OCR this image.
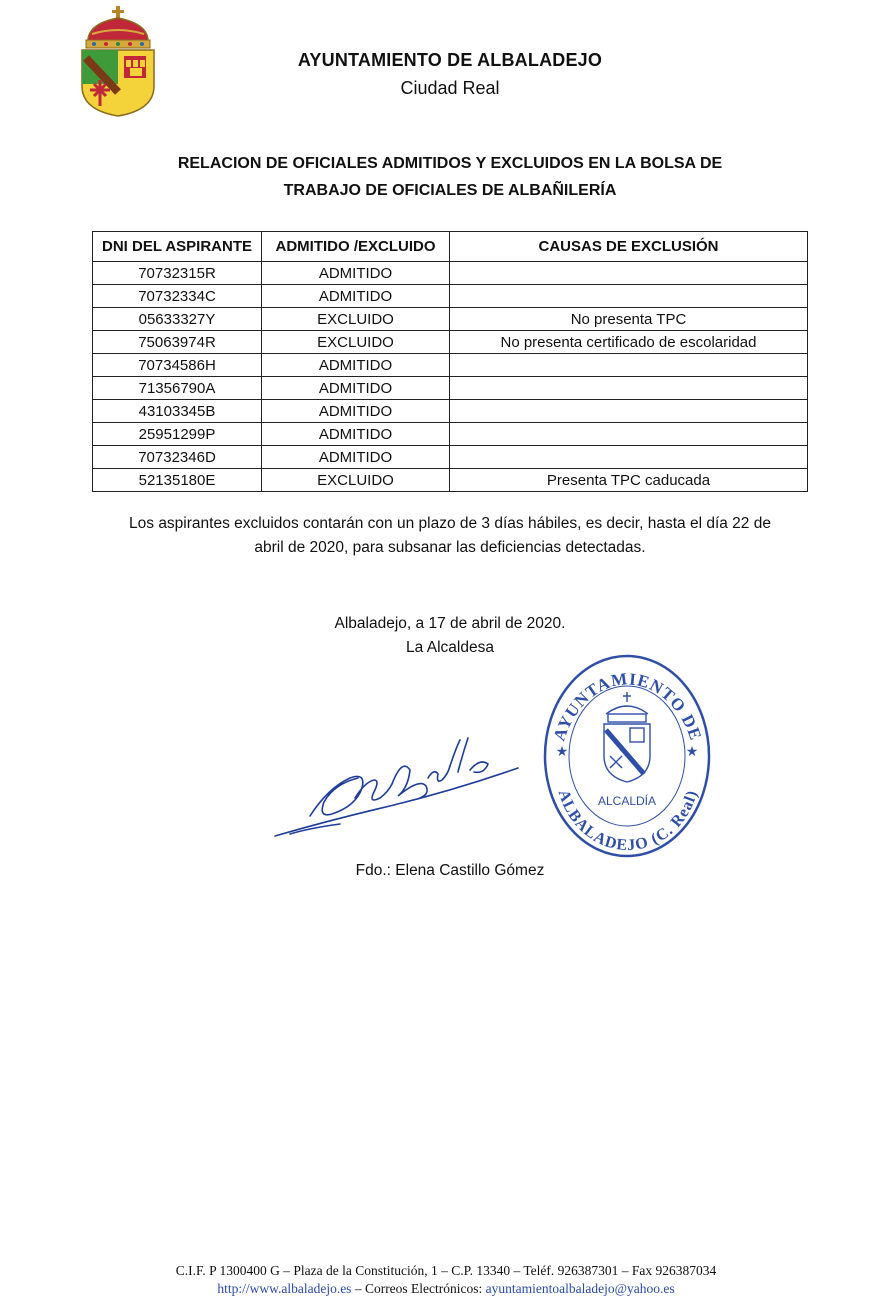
AYUNTAMIENTO DE ALBALADEJO
Ciudad Real
RELACION DE OFICIALES ADMITIDOS Y EXCLUIDOS EN LA BOLSA DE
TRABAJO DE OFICIALES DE ALBAÑILERÍA
DNI DEL ASPIRANTE	ADMITIDO /EXCLUIDO	CAUSAS DE EXCLUSIÓN
70732315R	ADMITIDO	
70732334C	ADMITIDO	
05633327Y	EXCLUIDO	No presenta TPC
75063974R	EXCLUIDO	No presenta certificado de escolaridad
70734586H	ADMITIDO	
71356790A	ADMITIDO	
43103345B	ADMITIDO	
25951299P	ADMITIDO	
70732346D	ADMITIDO	
52135180E	EXCLUIDO	Presenta TPC caducada
Los aspirantes excluidos contarán con un plazo de 3 días hábiles, es decir, hasta el día 22 de
abril de 2020, para subsanar las deficiencias detectadas.
Albaladejo, a 17 de abril de 2020.
La Alcaldesa
AYUNTAMIENTO DE
ALBALADEJO (C. Real)
★	★
ALCALDÍA
Fdo.: Elena Castillo Gómez
C.I.F. P 1300400 G – Plaza de la Constitución, 1 – C.P. 13340 – Teléf. 926387301 – Fax 926387034
http://www.albaladejo.es – Correos Electrónicos: ayuntamientoalbaladejo@yahoo.es
